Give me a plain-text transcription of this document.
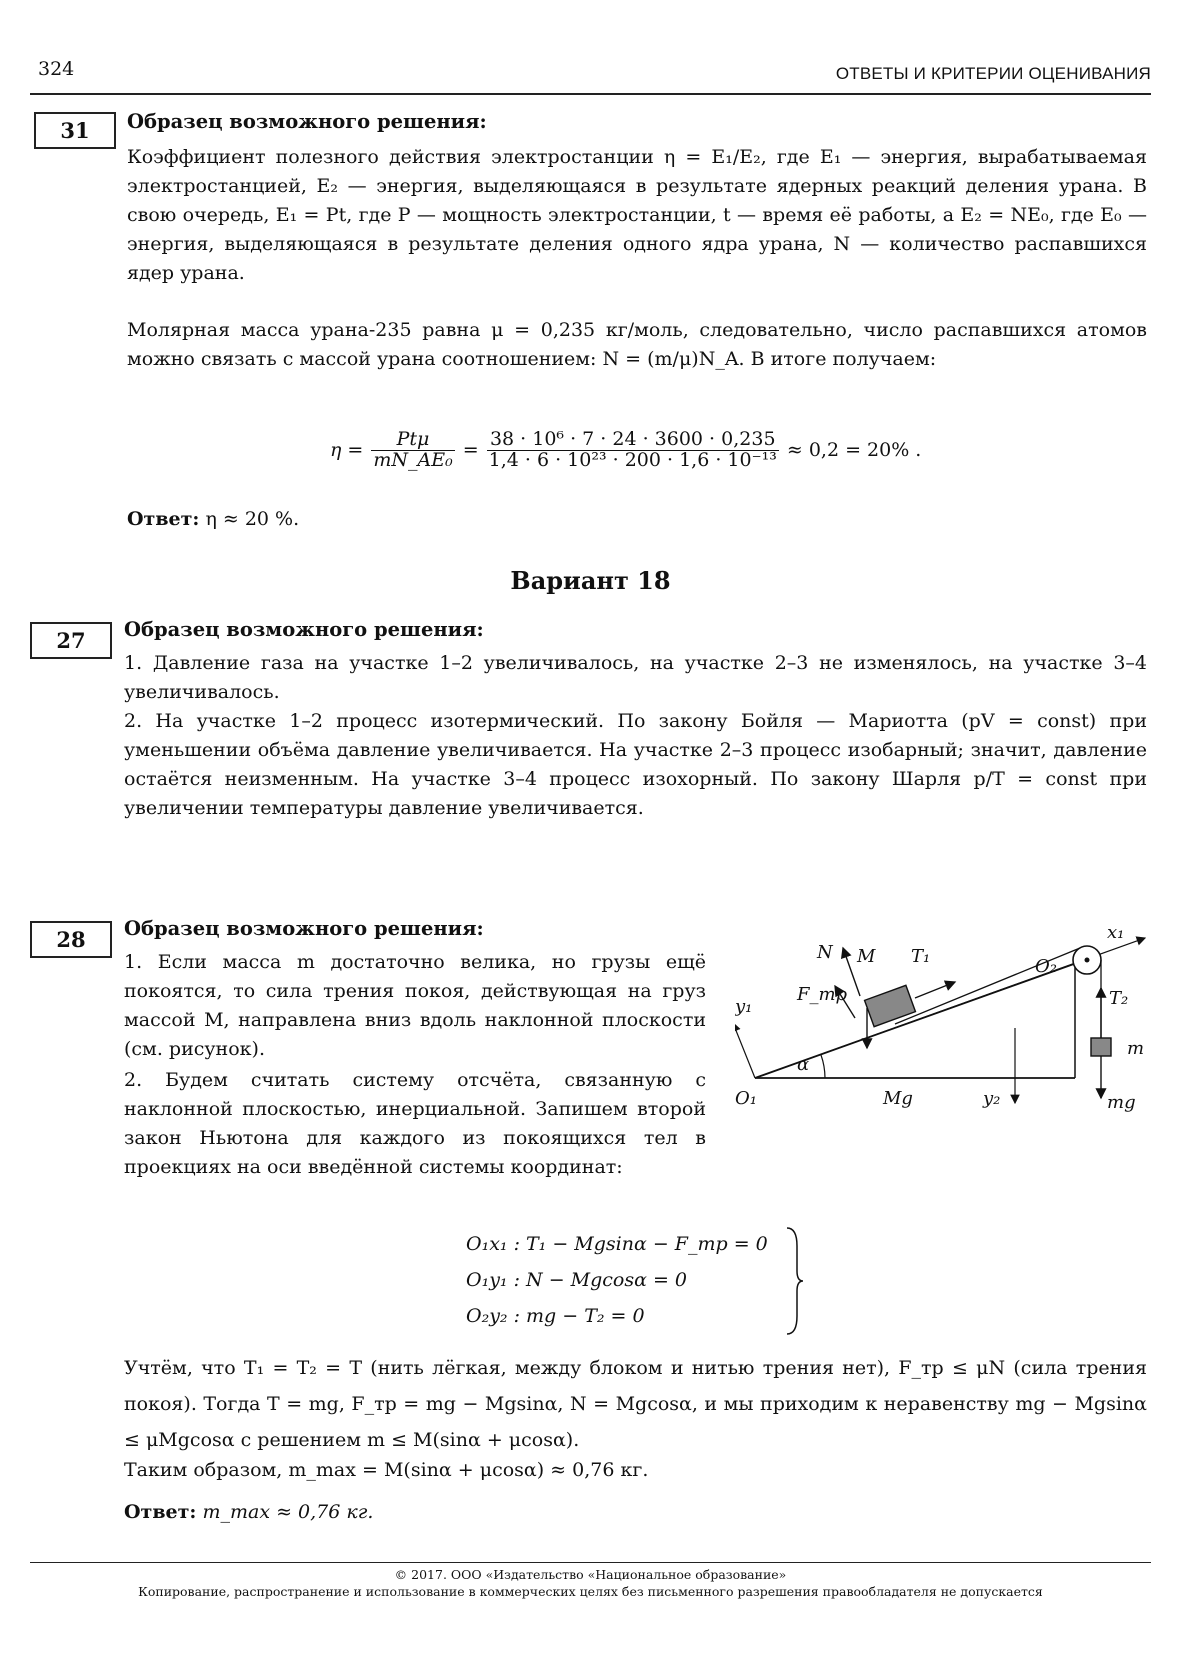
324	ОТВЕТЫ И КРИТЕРИИ ОЦЕНИВАНИЯ
31	Образец возможного решения:
Коэффициент полезного действия электростанции η = E₁/E₂, где E₁ — энергия, вырабатываемая электростанцией, E₂ — энергия, выделяющаяся в результате ядерных реакций деления урана. В свою очередь, E₁ = Pt, где P — мощность электростанции, t — время её работы, а E₂ = NE₀, где E₀ — энергия, выделяющаяся в результате деления одного ядра урана, N — количество распавшихся ядер урана.
Молярная масса урана-235 равна μ = 0,235 кг/моль, следовательно, число распавшихся атомов можно связать с массой урана соотношением: N = (m/μ)N_A. В итоге получаем:
$\eta = \frac{\text{Ptμ}}{\text{mN\_AE₀}} = \frac{\text{38 · 10⁶ · 7 · 24 · 3600 · 0,235}}{\text{1,4 · 6 · 10²³ · 200 · 1,6 · 10⁻¹³}} \approx 0,2 = 20\%$ .
Ответ: η ≈ 20 %.
Вариант 18
27	Образец возможного решения:
1. Давление газа на участке 1–2 увеличивалось, на участке 2–3 не изменялось, на участке 3–4 увеличивалось.
2. На участке 1–2 процесс изотермический. По закону Бойля — Мариотта (pV = const) при уменьшении объёма давление увеличивается. На участке 2–3 процесс изобарный; значит, давление остаётся неизменным. На участке 3–4 процесс изохорный. По закону Шарля p/T = const при увеличении температуры давление увеличивается.
28	Образец возможного решения:
1. Если масса m достаточно велика, но грузы ещё покоятся, то сила трения покоя, действующая на груз массой M, направлена вниз вдоль наклонной плоскости (см. рисунок).
2. Будем считать систему отсчёта, связанную с наклонной плоскостью, инерциальной. Запишем второй закон Ньютона для каждого из покоящихся тел в проекциях на оси введённой системы координат:
N M T₁
F_тр
O₂
x₁
T₂
y₁
m
α
O₁	Mg	y₂	mg
O₁x₁ : T₁ − Mgsinα − F_тр = 0
O₁y₁ : N − Mgcosα = 0
O₂y₂ : mg − T₂ = 0
Учтём, что T₁ = T₂ = T (нить лёгкая, между блоком и нитью трения нет), F_тр ≤ μN (сила трения покоя). Тогда T = mg, F_тр = mg − Mgsinα, N = Mgcosα, и мы приходим к неравенству mg − Mgsinα ≤ μMgcosα с решением m ≤ M(sinα + μcosα).
Таким образом, m_max = M(sinα + μcosα) ≈ 0,76 кг.
Ответ: m_max ≈ 0,76 кг.
© 2017. ООО «Издательство «Национальное образование»
Копирование, распространение и использование в коммерческих целях без письменного разрешения правообладателя не допускается
